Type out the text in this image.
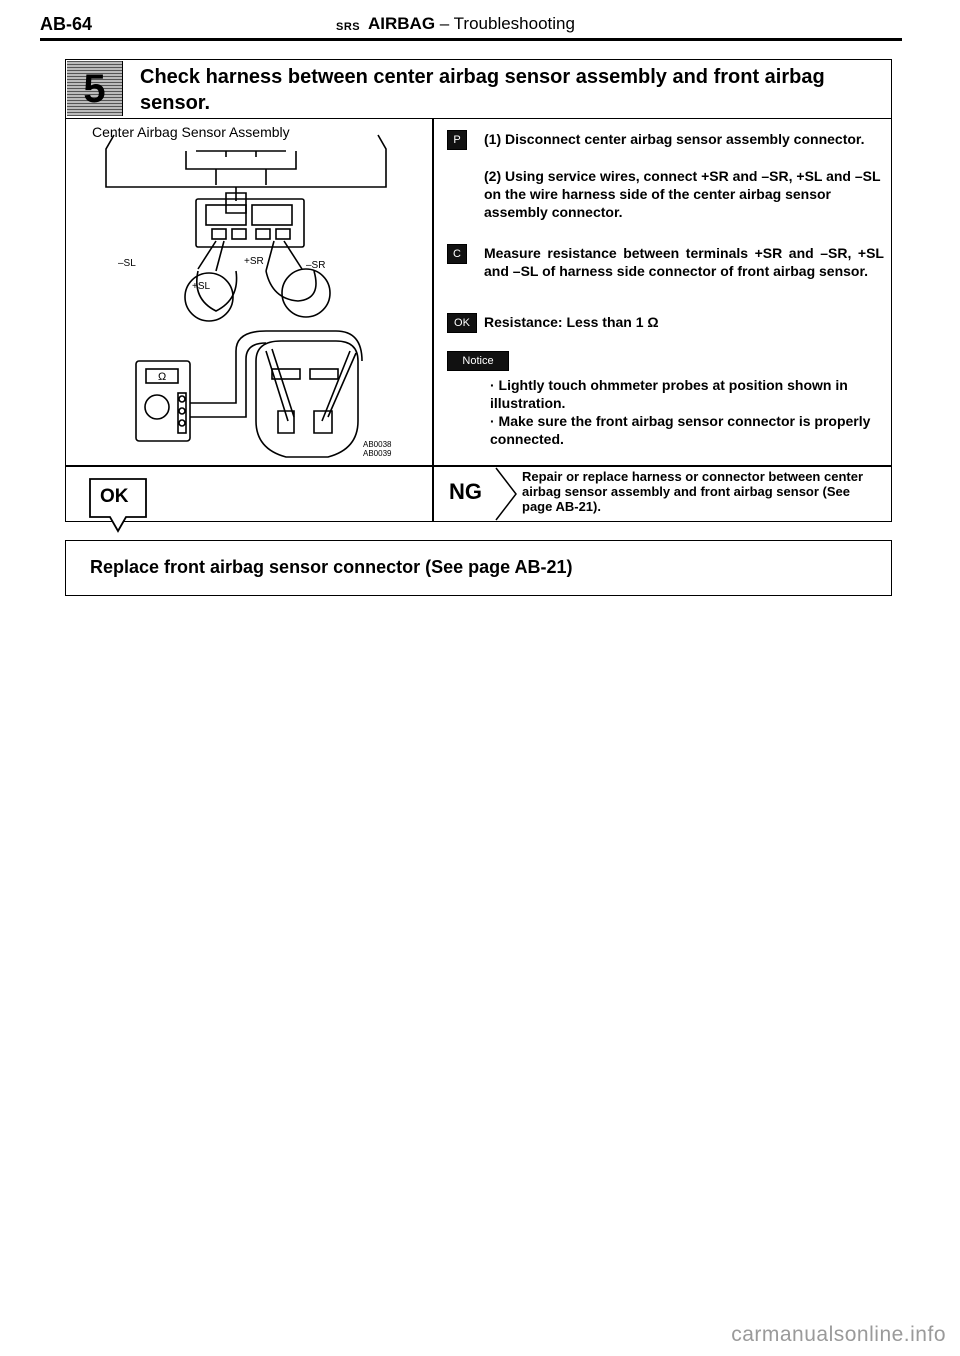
AB-64	SRS AIRBAG – Troubleshooting
5	Check harness between center airbag sensor assembly and front airbag sensor.
–SL	+SR	–SR
+SL
Ω
Center Airbag Sensor Assembly
AB0038
AB0039
P	(1) Disconnect center airbag sensor assembly connector.
(2) Using service wires, connect +SR and –SR, +SL and –SL on the wire harness side of the center airbag sensor assembly connector.
C	Measure resistance between terminals +SR and –SR, +SL and –SL of harness side connector of front airbag sensor.
OK	Resistance: Less than 1 Ω
Notice
· Lightly touch ohmmeter probes at position shown in illustration.
· Make sure the front airbag sensor connector is properly connected.
NG
Repair or replace harness or connector between center airbag sensor assembly and front airbag sensor (See page AB-21).
OK
Replace front airbag sensor connector (See page AB-21)
carmanualsonline.info
